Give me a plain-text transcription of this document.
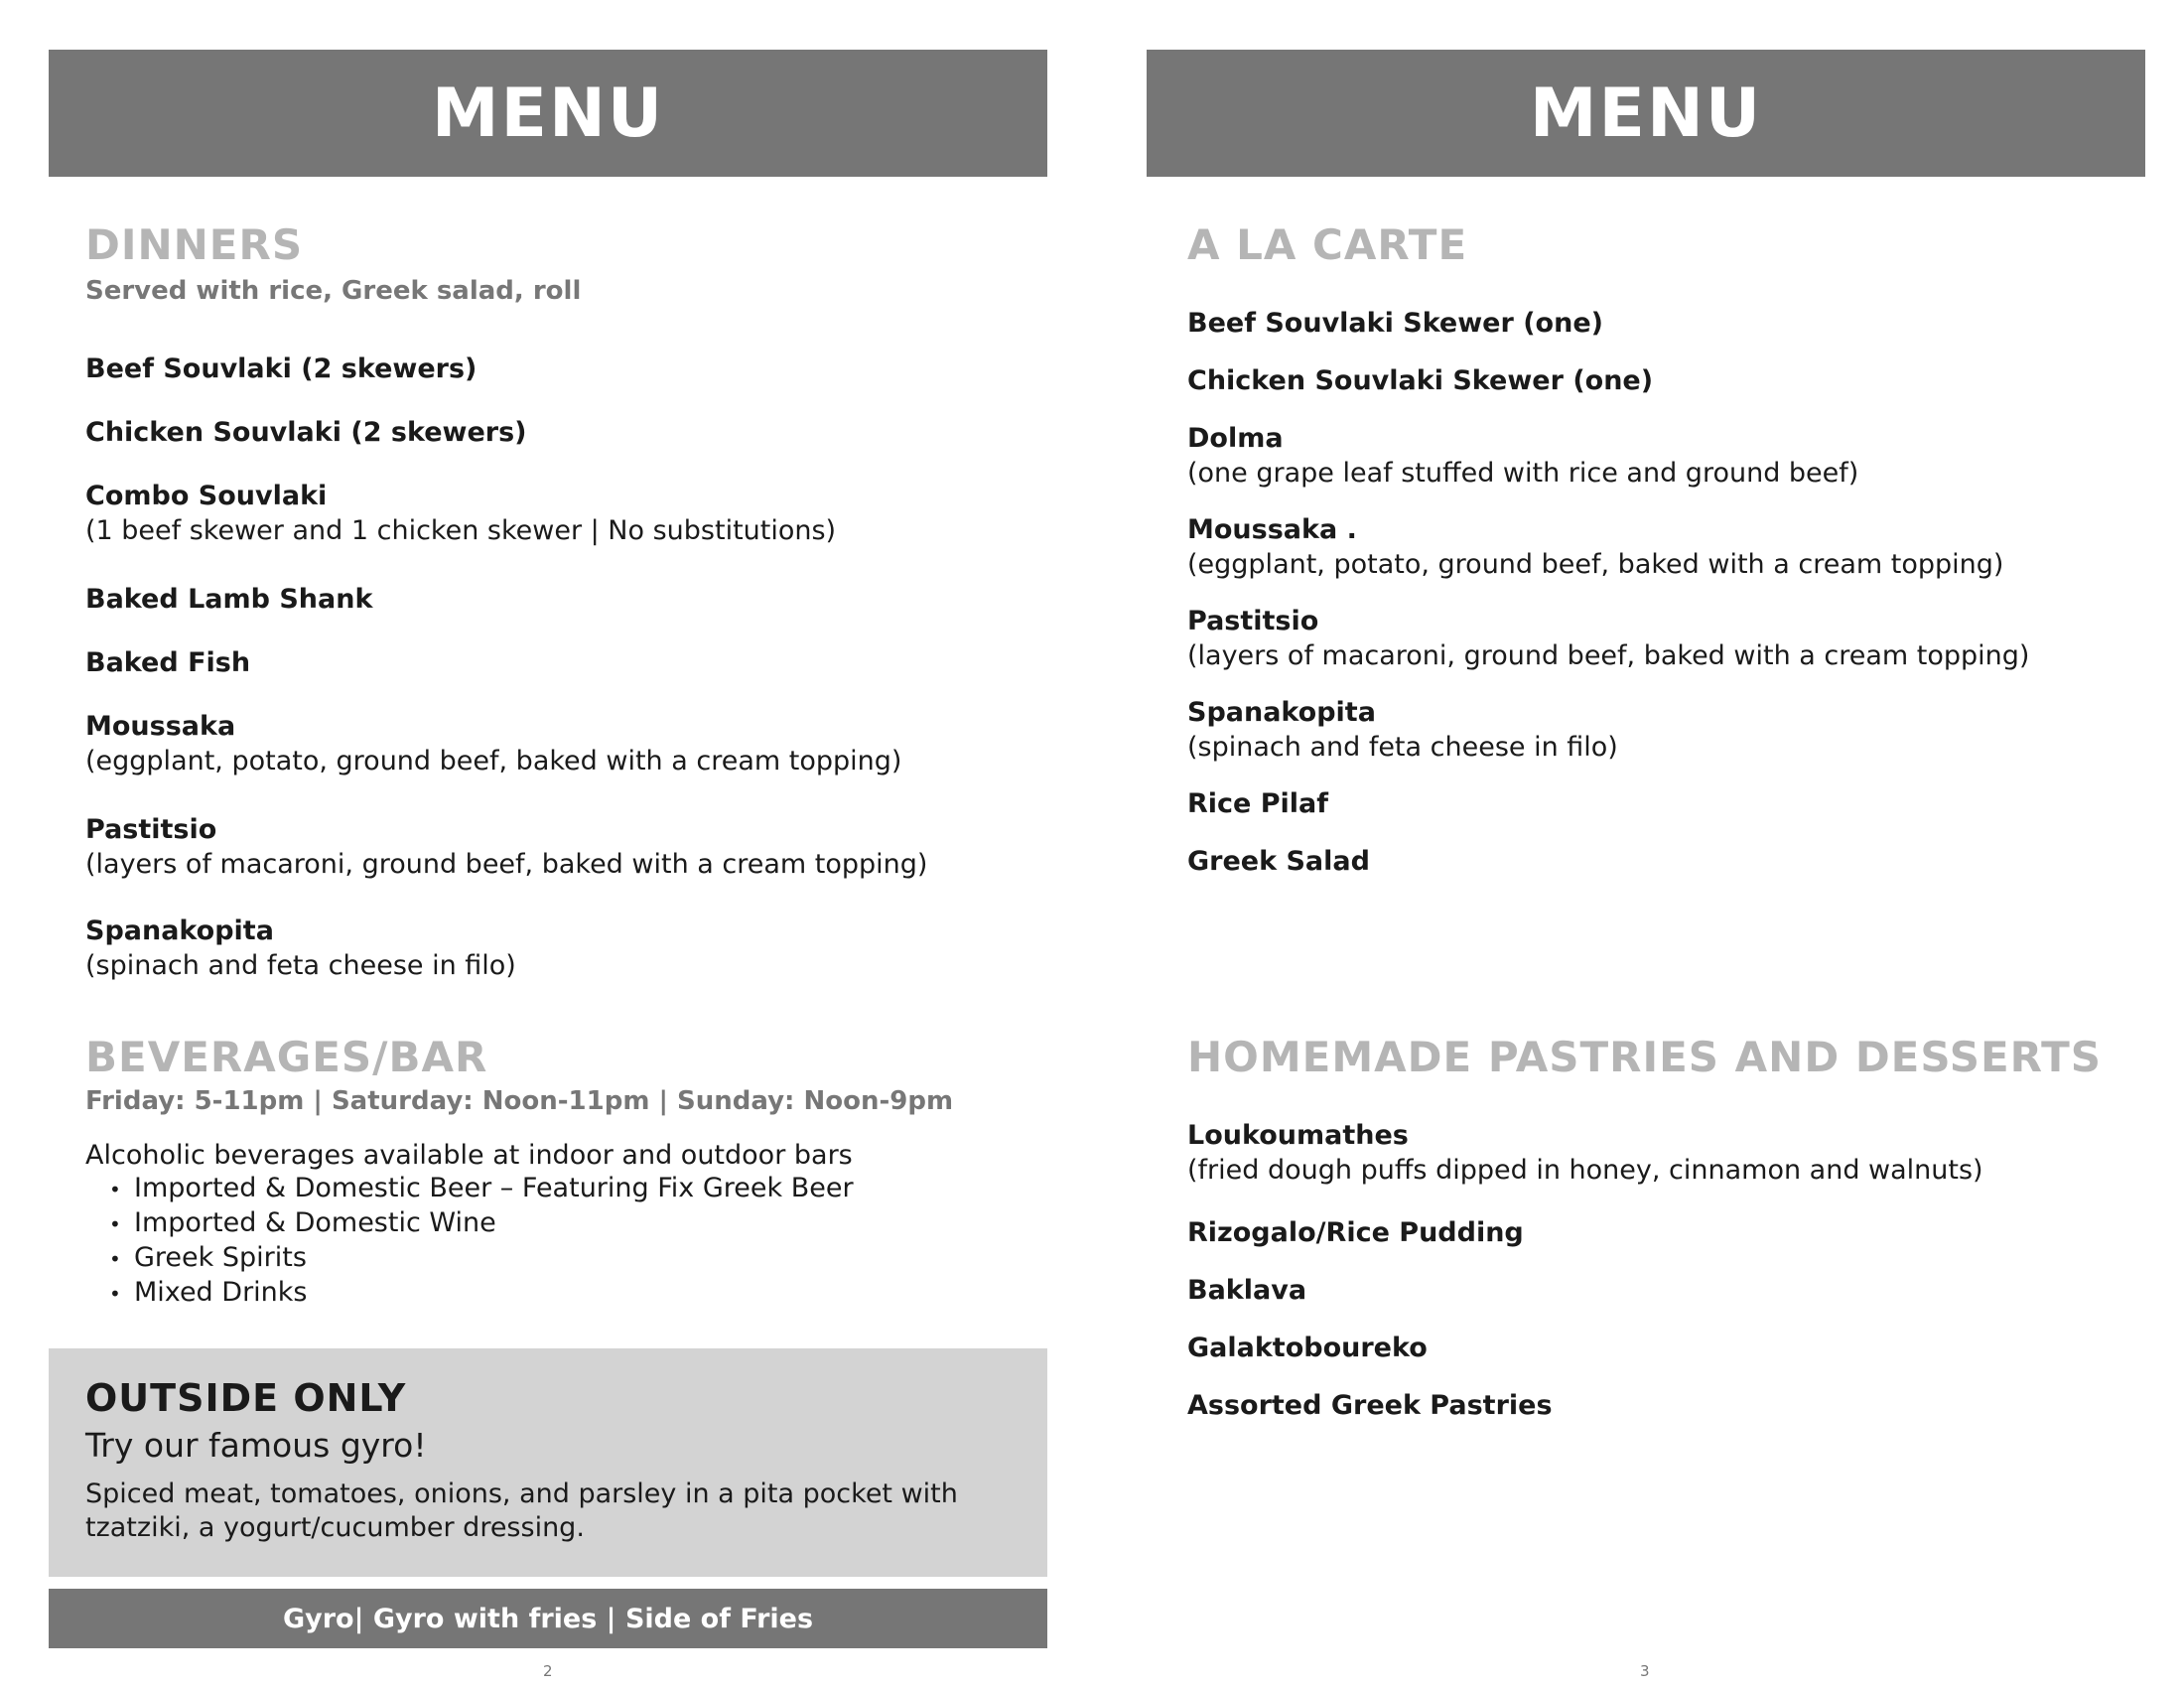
MENU
DINNERS
Served with rice, Greek salad, roll
Beef Souvlaki (2 skewers)
Chicken Souvlaki (2 skewers)
Combo Souvlaki
(1 beef skewer and 1 chicken skewer | No substitutions)
Baked Lamb Shank
Baked Fish
Moussaka
(eggplant, potato, ground beef, baked with a cream topping)
Pastitsio
(layers of macaroni, ground beef, baked with a cream topping)
Spanakopita
(spinach and feta cheese in filo)
BEVERAGES/BAR
Friday: 5-11pm | Saturday: Noon-11pm | Sunday: Noon-9pm
Alcoholic beverages available at indoor and outdoor bars
• Imported & Domestic Beer – Featuring Fix Greek Beer
• Imported & Domestic Wine
• Greek Spirits
• Mixed Drinks
OUTSIDE ONLY
Try our famous gyro!
Spiced meat, tomatoes, onions, and parsley in a pita pocket with tzatziki, a yogurt/cucumber dressing.
Gyro| Gyro with fries | Side of Fries
2
MENU
A LA CARTE
Beef Souvlaki Skewer (one)
Chicken Souvlaki Skewer (one)
Dolma
(one grape leaf stuffed with rice and ground beef)
Moussaka .
(eggplant, potato, ground beef, baked with a cream topping)
Pastitsio
(layers of macaroni, ground beef, baked with a cream topping)
Spanakopita
(spinach and feta cheese in filo)
Rice Pilaf
Greek Salad
HOMEMADE PASTRIES AND DESSERTS
Loukoumathes
(fried dough puffs dipped in honey, cinnamon and walnuts)
Rizogalo/Rice Pudding
Baklava
Galaktoboureko
Assorted Greek Pastries
3
